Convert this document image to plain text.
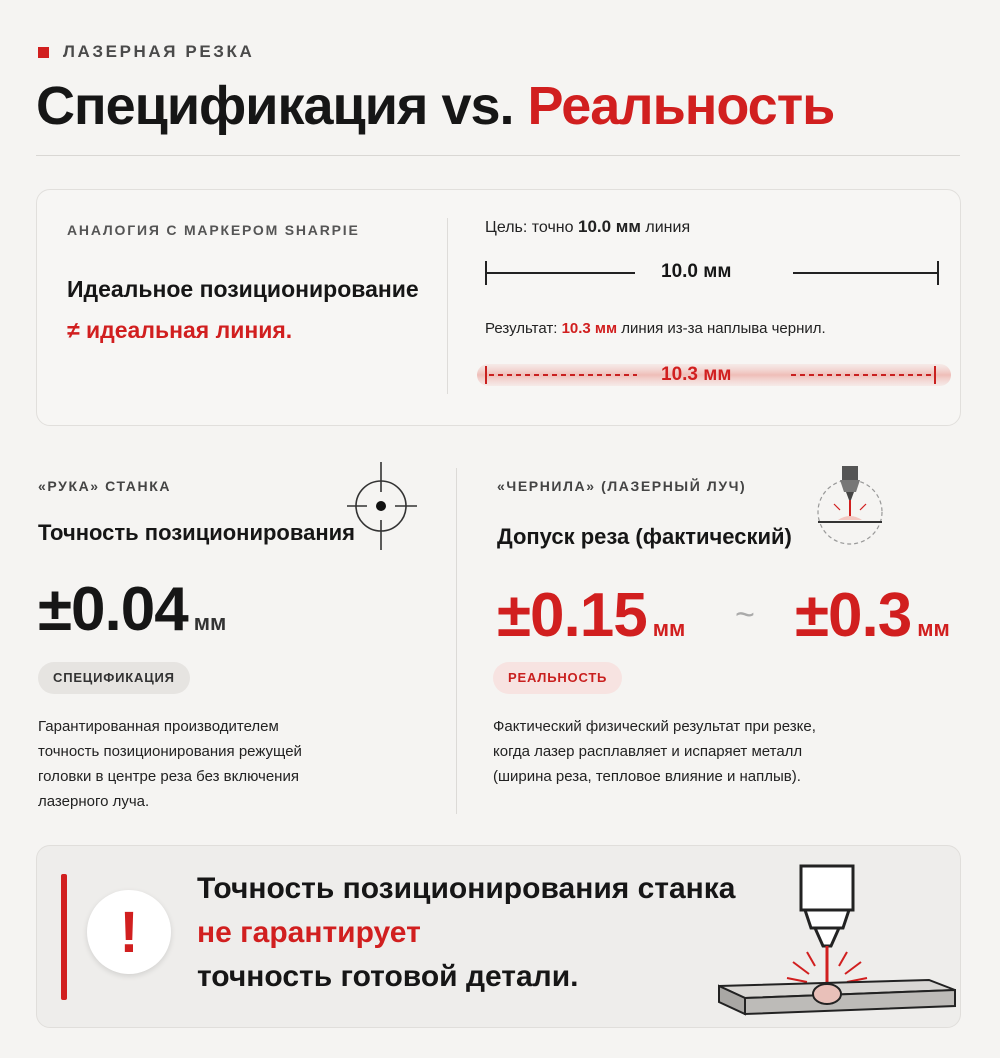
ЛАЗЕРНАЯ РЕЗКА
Спецификация vs. Реальность
АНАЛОГИЯ С МАРКЕРОМ SHARPIE
Идеальное позиционирование
≠ идеальная линия.
Цель: точно 10.0 мм линия
10.0 мм
Результат: 10.3 мм линия из-за наплыва чернил.
10.3 мм
«РУКА» СТАНКА
Точность позиционирования
±0.04 мм
СПЕЦИФИКАЦИЯ
Гарантированная производителем
точность позиционирования режущей
головки в центре реза без включения
лазерного луча.
«ЧЕРНИЛА» (ЛАЗЕРНЫЙ ЛУЧ)
Допуск реза (фактический)
±0.15 мм ~ ±0.3 мм
РЕАЛЬНОСТЬ
Фактический физический результат при резке,
когда лазер расплавляет и испаряет металл
(ширина реза, тепловое влияние и наплыв).
!
Точность позиционирования станка
не гарантирует
точность готовой детали.
